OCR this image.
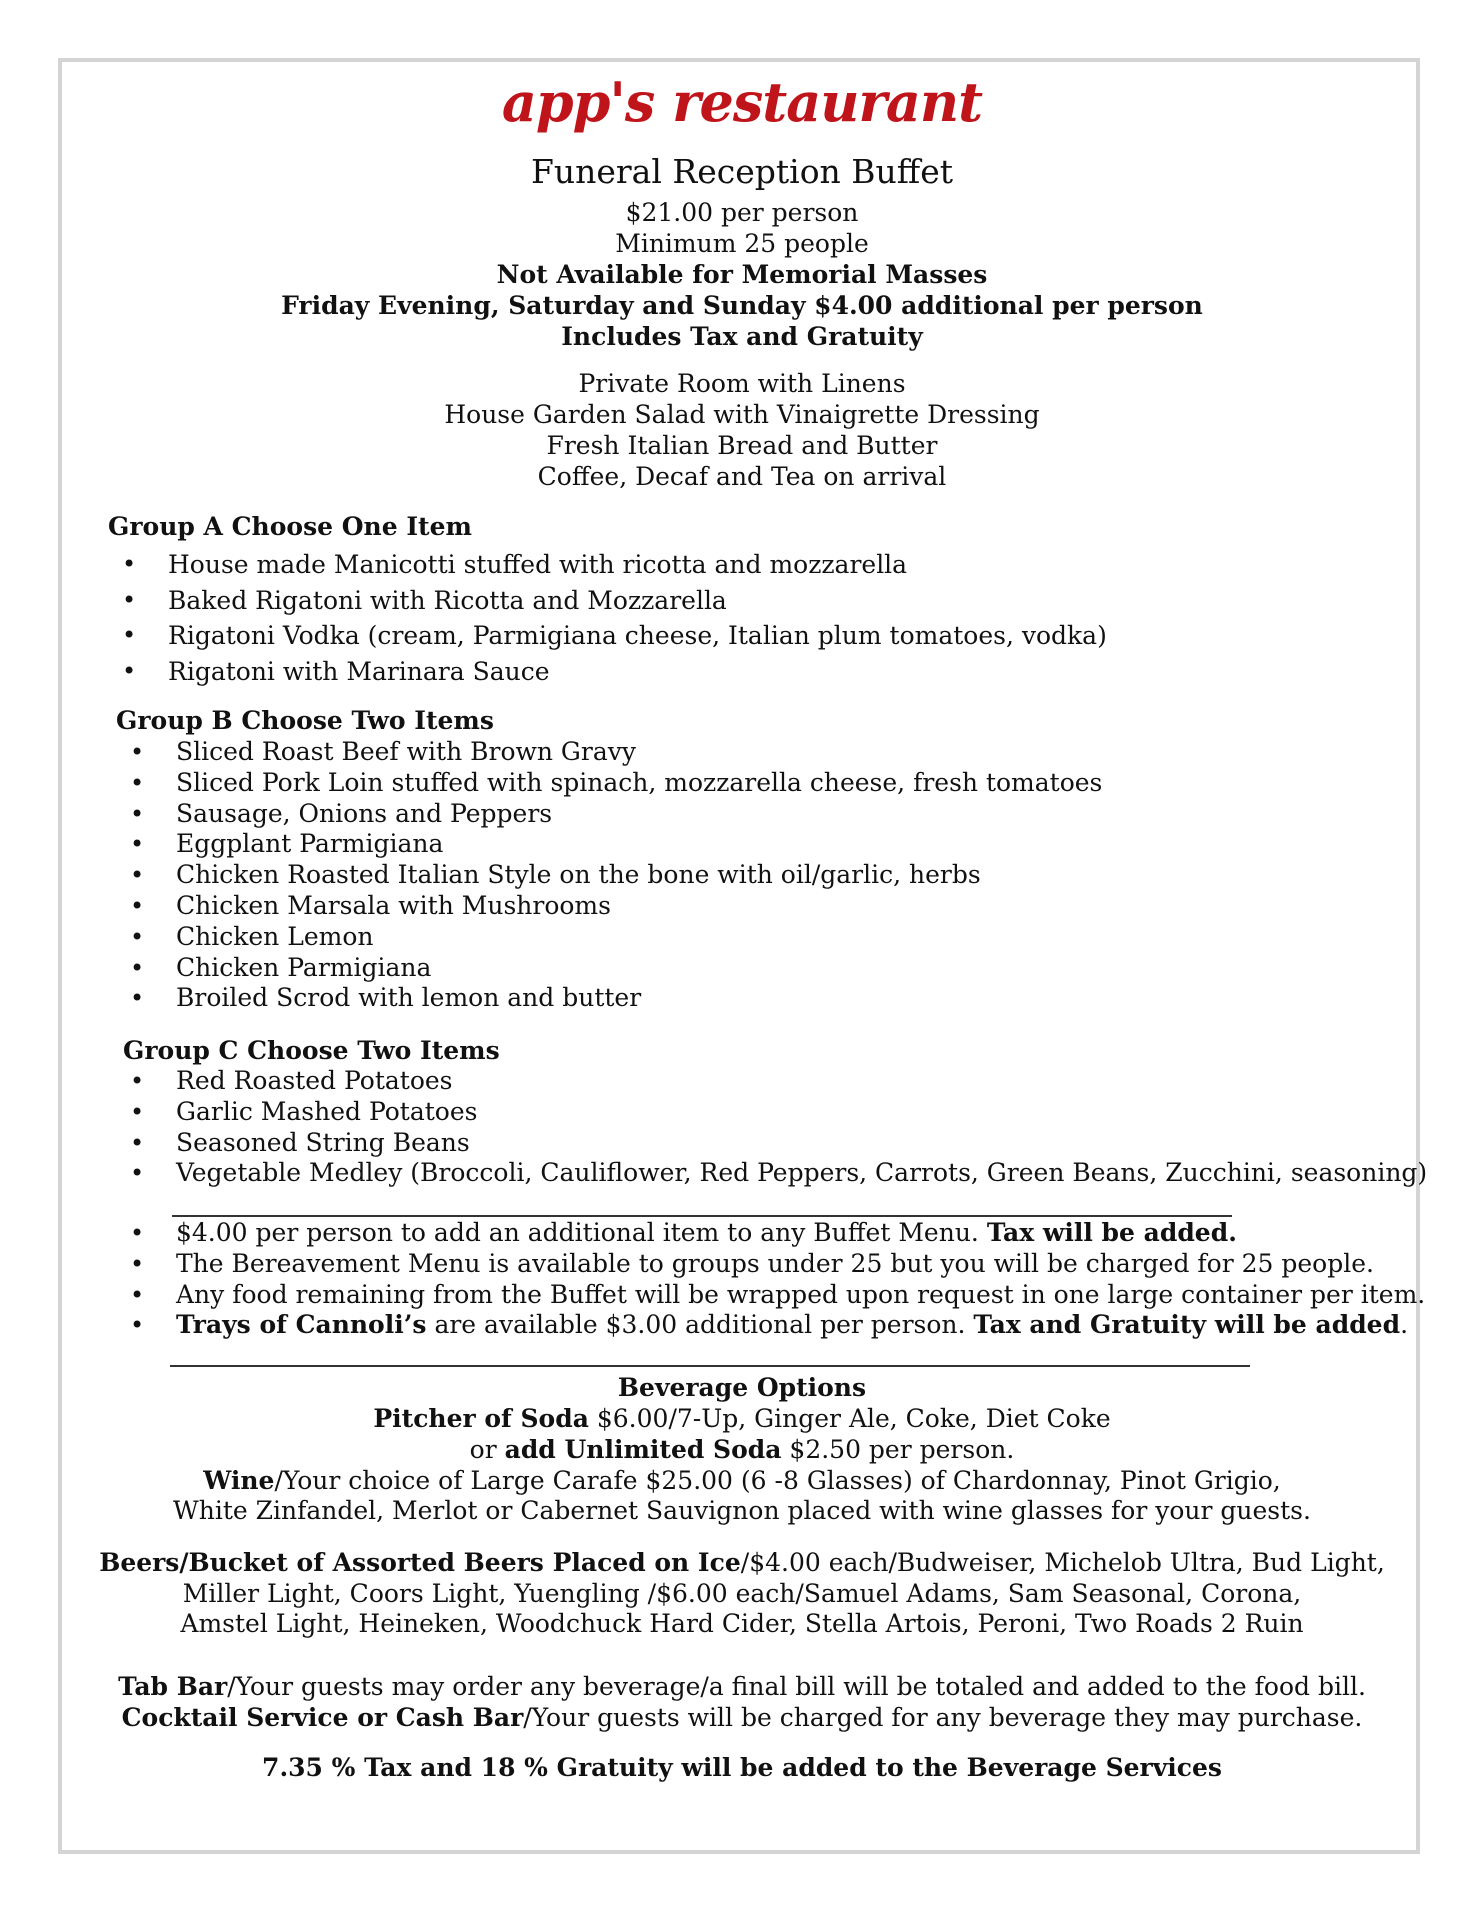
app's restaurant
Funeral Reception Buffet
$21.00 per person
Minimum 25 people
Not Available for Memorial Masses
Friday Evening, Saturday and Sunday $4.00 additional per person
Includes Tax and Gratuity
Private Room with Linens
House Garden Salad with Vinaigrette Dressing
Fresh Italian Bread and Butter
Coffee, Decaf and Tea on arrival
Group A Choose One Item
• House made Manicotti stuffed with ricotta and mozzarella
• Baked Rigatoni with Ricotta and Mozzarella
• Rigatoni Vodka (cream, Parmigiana cheese, Italian plum tomatoes, vodka)
• Rigatoni with Marinara Sauce
Group B Choose Two Items
• Sliced Roast Beef with Brown Gravy
• Sliced Pork Loin stuffed with spinach, mozzarella cheese, fresh tomatoes
• Sausage, Onions and Peppers
• Eggplant Parmigiana
• Chicken Roasted Italian Style on the bone with oil/garlic, herbs
• Chicken Marsala with Mushrooms
• Chicken Lemon
• Chicken Parmigiana
• Broiled Scrod with lemon and butter
Group C Choose Two Items
• Red Roasted Potatoes
• Garlic Mashed Potatoes
• Seasoned String Beans
• Vegetable Medley (Broccoli, Cauliflower, Red Peppers, Carrots, Green Beans, Zucchini, seasoning)
• $4.00 per person to add an additional item to any Buffet Menu. Tax will be added.
• The Bereavement Menu is available to groups under 25 but you will be charged for 25 people.
• Any food remaining from the Buffet will be wrapped upon request in one large container per item.
• Trays of Cannoli’s are available $3.00 additional per person. Tax and Gratuity will be added.
Beverage Options
Pitcher of Soda $6.00/7-Up, Ginger Ale, Coke, Diet Coke
or add Unlimited Soda $2.50 per person.
Wine/Your choice of Large Carafe $25.00 (6 -8 Glasses) of Chardonnay, Pinot Grigio,
White Zinfandel, Merlot or Cabernet Sauvignon placed with wine glasses for your guests.
Beers/Bucket of Assorted Beers Placed on Ice/$4.00 each/Budweiser, Michelob Ultra, Bud Light,
Miller Light, Coors Light, Yuengling /$6.00 each/Samuel Adams, Sam Seasonal, Corona,
Amstel Light, Heineken, Woodchuck Hard Cider, Stella Artois, Peroni, Two Roads 2 Ruin
Tab Bar/Your guests may order any beverage/a final bill will be totaled and added to the food bill.
Cocktail Service or Cash Bar/Your guests will be charged for any beverage they may purchase.
7.35 % Tax and 18 % Gratuity will be added to the Beverage Services
